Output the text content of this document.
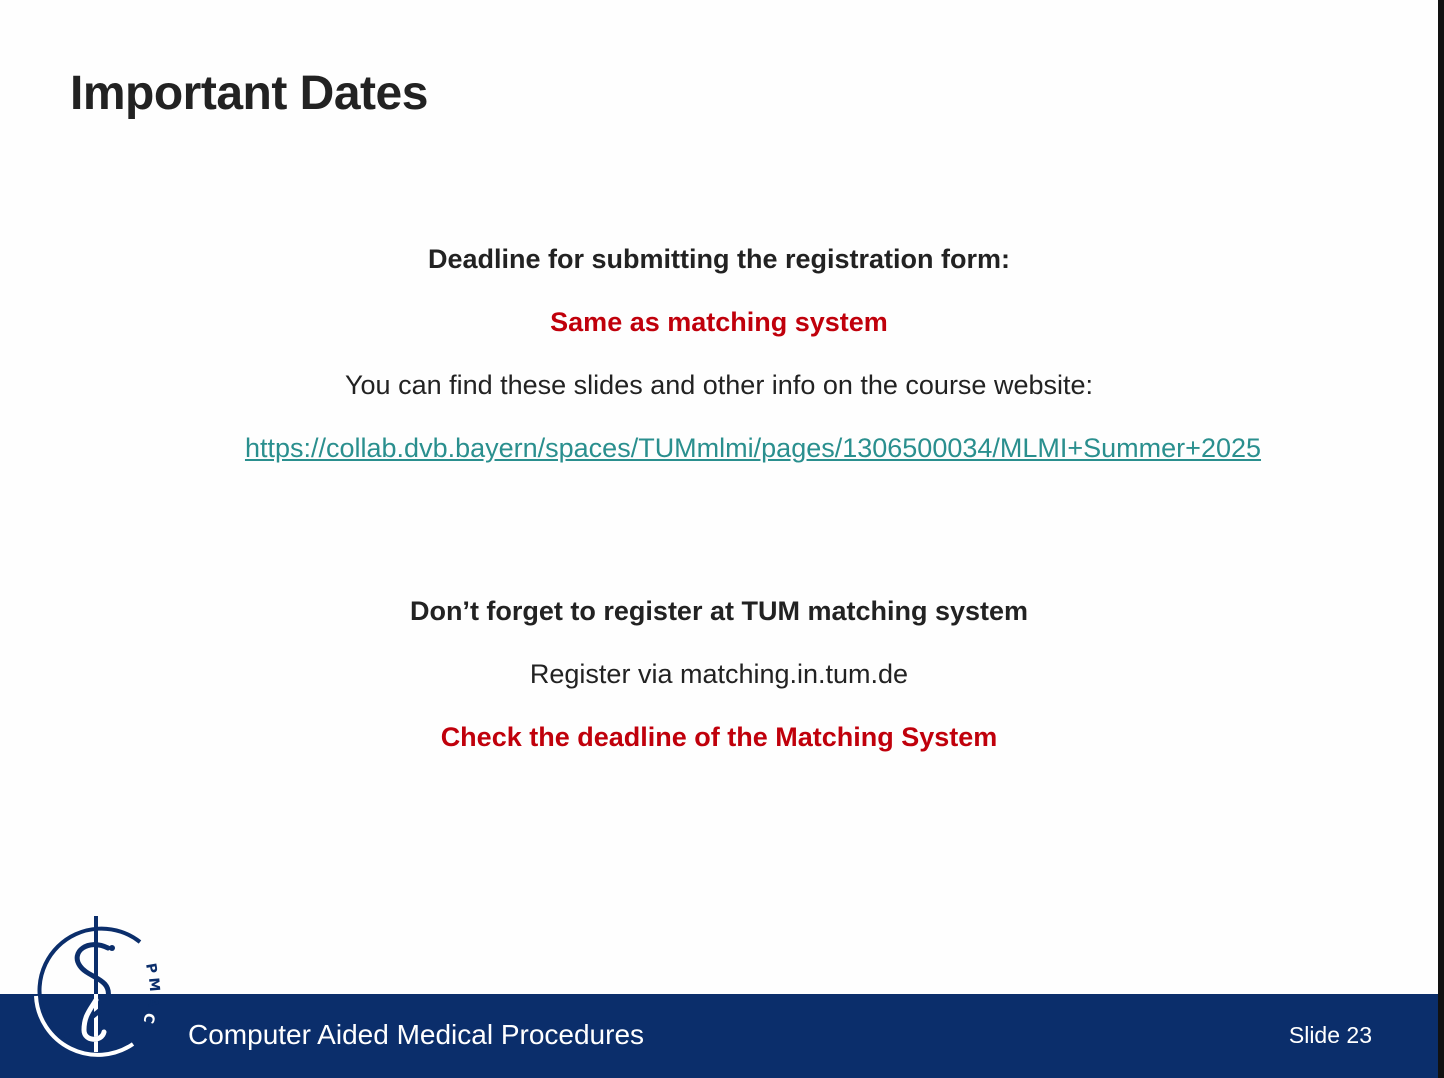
Important Dates
Deadline for submitting the registration form:
Same as matching system
You can find these slides and other info on the course website:
https://collab.dvb.bayern/spaces/TUMmlmi/pages/1306500034/MLMI+Summer+2025
Don’t forget to register at TUM matching system
Register via matching.in.tum.de
Check the deadline of the Matching System
Computer Aided Medical Procedures	Slide 23
P
M
A
C
